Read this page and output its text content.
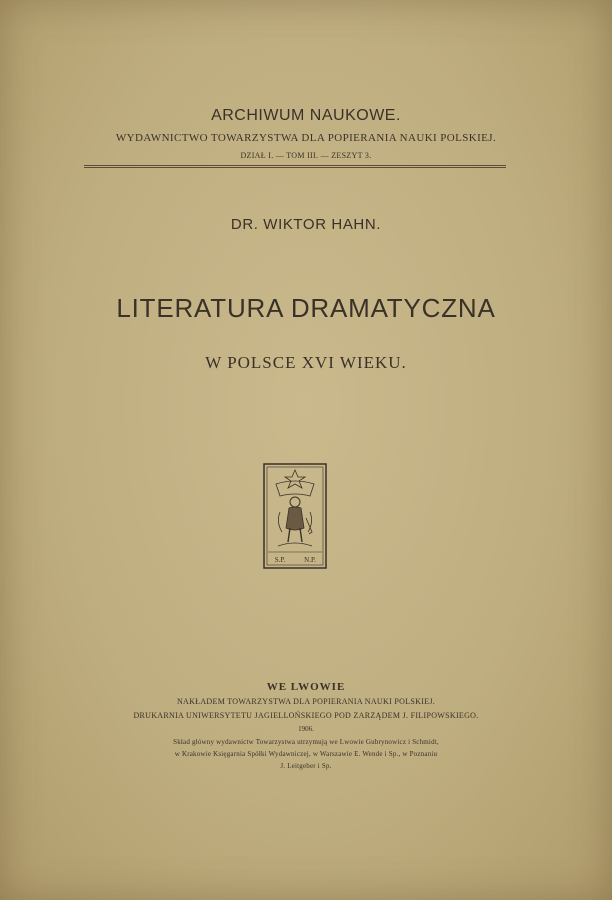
ARCHIWUM NAUKOWE.
WYDAWNICTWO TOWARZYSTWA DLA POPIERANIA NAUKI POLSKIEJ.
DZIAŁ I. — TOM III. — ZESZYT 3.
DR. WIKTOR HAHN.
LITERATURA DRAMATYCZNA
W POLSCE XVI WIEKU.
S.P.	N.P.
WE LWOWIE
NAKŁADEM TOWARZYSTWA DLA POPIERANIA NAUKI POLSKIEJ.
DRUKARNIA UNIWERSYTETU JAGIELLOŃSKIEGO POD ZARZĄDEM J. FILIPOWSKIEGO.
1906.
Skład główny wydawnictw Towarzystwa utrzymują we Lwowie Gubrynowicz i Schmidt,
w Krakowie Księgarnia Spółki Wydawniczej, w Warszawie E. Wende i Sp., w Poznaniu
J. Leitgeber i Sp.
